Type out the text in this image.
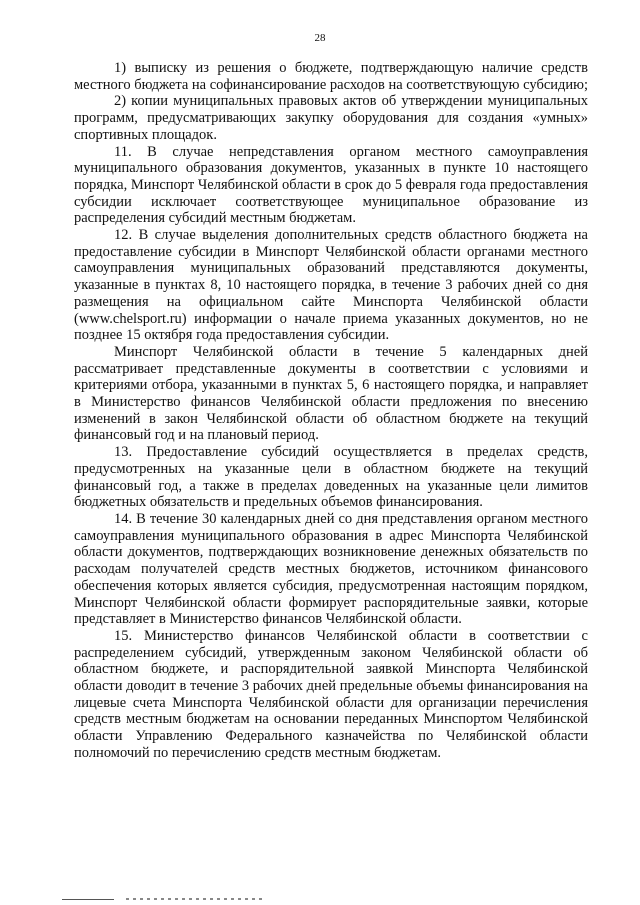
28

1) выписку из решения о бюджете, подтверждающую наличие средств местного бюджета на софинансирование расходов на соответствующую субсидию;

2) копии муниципальных правовых актов об утверждении муниципальных программ, предусматривающих закупку оборудования для создания «умных» спортивных площадок.

11. В случае непредставления органом местного самоуправления муниципального образования документов, указанных в пункте 10 настоящего порядка, Минспорт Челябинской области в срок до 5 февраля года предоставления субсидии исключает соответствующее муниципальное образование из распределения субсидий местным бюджетам.

12. В случае выделения дополнительных средств областного бюджета на предоставление субсидии в Минспорт Челябинской области органами местного самоуправления муниципальных образований представляются документы, указанные в пунктах 8, 10 настоящего порядка, в течение 3 рабочих дней со дня размещения на официальном сайте Минспорта Челябинской области (www.chelsport.ru) информации о начале приема указанных документов, но не позднее 15 октября года предоставления субсидии.

Минспорт Челябинской области в течение 5 календарных дней рассматривает представленные документы в соответствии с условиями и критериями отбора, указанными в пунктах 5, 6 настоящего порядка, и направляет в Министерство финансов Челябинской области предложения по внесению изменений в закон Челябинской области об областном бюджете на текущий финансовый год и на плановый период.

13. Предоставление субсидий осуществляется в пределах средств, предусмотренных на указанные цели в областном бюджете на текущий финансовый год, а также в пределах доведенных на указанные цели лимитов бюджетных обязательств и предельных объемов финансирования.

14. В течение 30 календарных дней со дня представления органом местного самоуправления муниципального образования в адрес Минспорта Челябинской области документов, подтверждающих возникновение денежных обязательств по расходам получателей средств местных бюджетов, источником финансового обеспечения которых является субсидия, предусмотренная настоящим порядком, Минспорт Челябинской области формирует распорядительные заявки, которые представляет в Министерство финансов Челябинской области.

15. Министерство финансов Челябинской области в соответствии с распределением субсидий, утвержденным законом Челябинской области об областном бюджете, и распорядительной заявкой Минспорта Челябинской области доводит в течение 3 рабочих дней предельные объемы финансирования на лицевые счета Минспорта Челябинской области для организации перечисления средств местным бюджетам на основании переданных Минспортом Челябинской области Управлению Федерального казначейства по Челябинской области полномочий по перечислению средств местным бюджетам.
